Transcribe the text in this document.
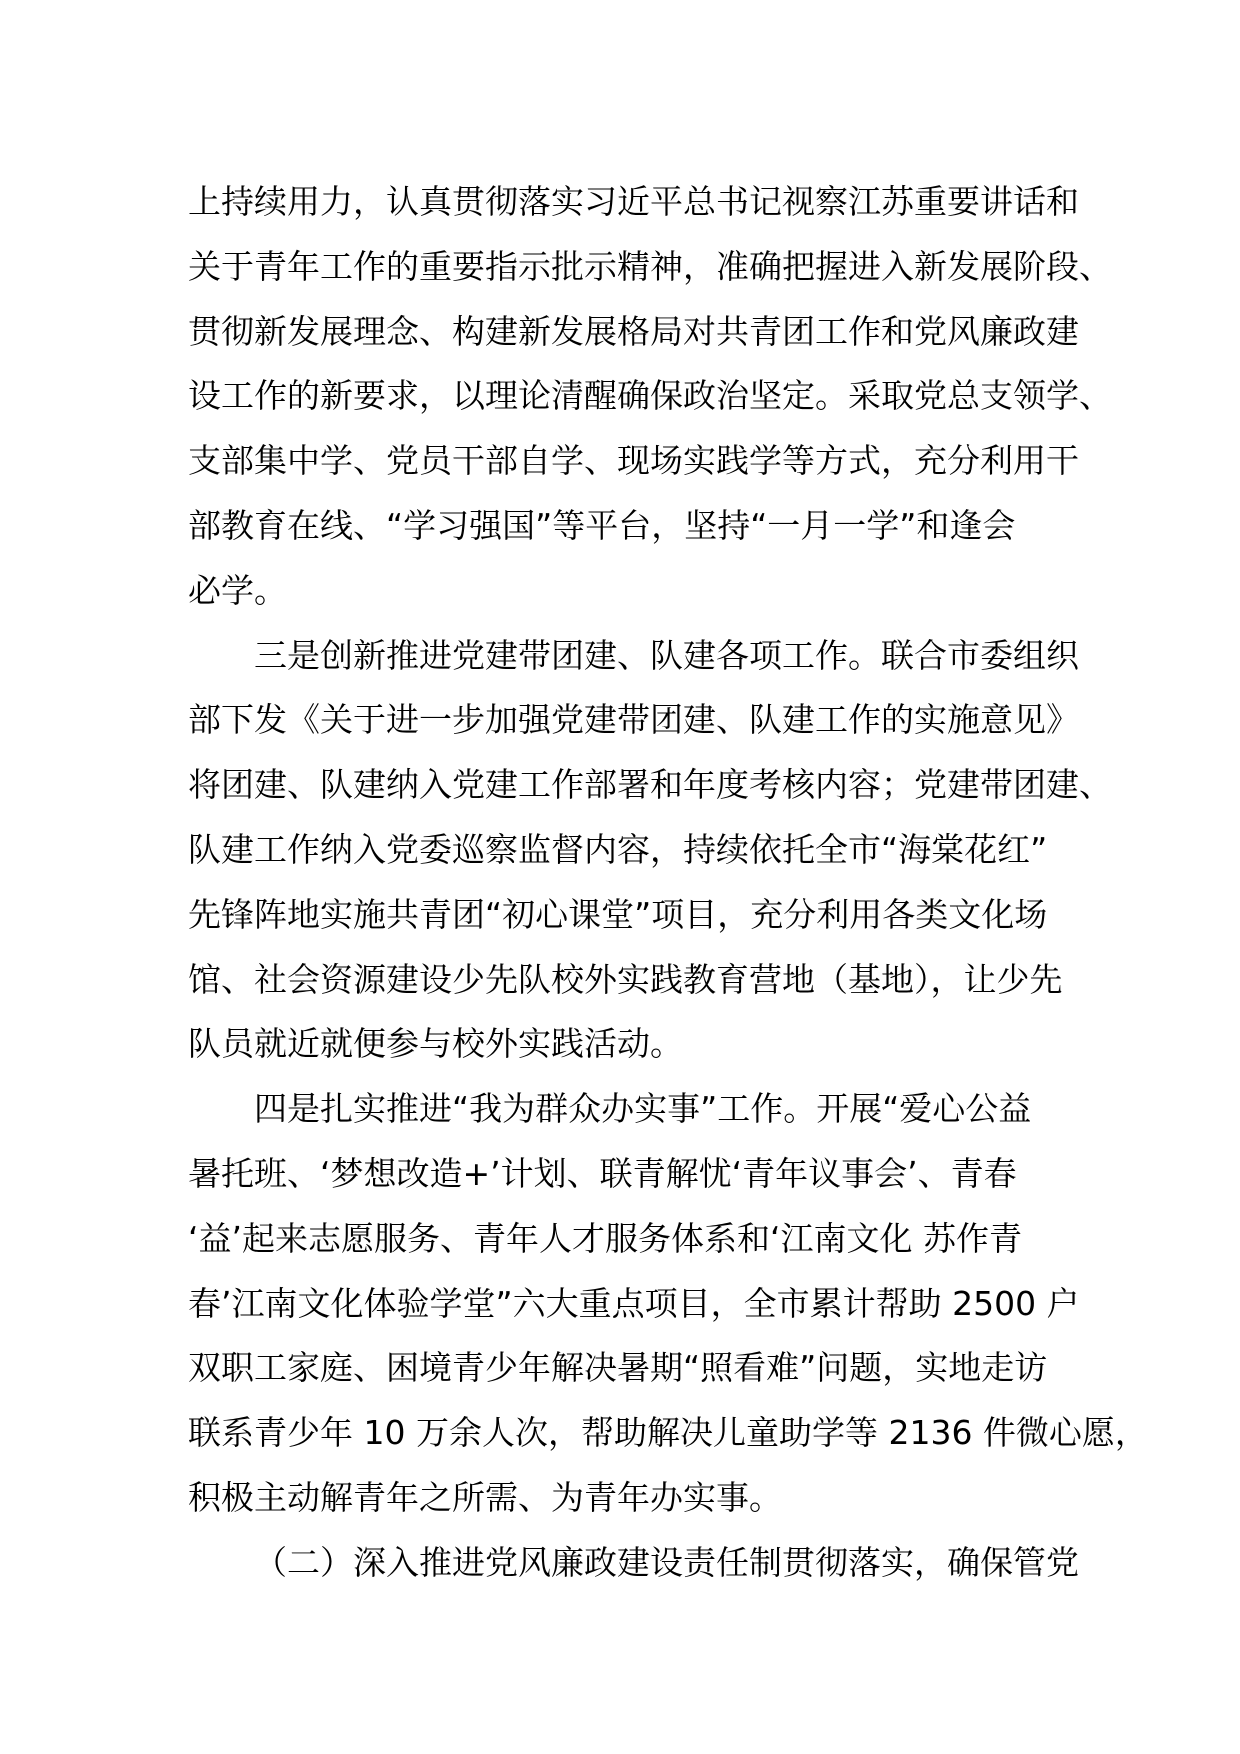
上持续用力，认真贯彻落实习近平总书记视察江苏重要讲话和
关于青年工作的重要指示批示精神，准确把握进入新发展阶段、
贯彻新发展理念、构建新发展格局对共青团工作和党风廉政建
设工作的新要求，以理论清醒确保政治坚定。采取党总支领学、
支部集中学、党员干部自学、现场实践学等方式，充分利用干
部教育在线、“学习强国”等平台，坚持“一月一学”和逢会
必学。
三是创新推进党建带团建、队建各项工作。联合市委组织
部下发《关于进一步加强党建带团建、队建工作的实施意见》
将团建、队建纳入党建工作部署和年度考核内容；党建带团建、
队建工作纳入党委巡察监督内容，持续依托全市“海棠花红”
先锋阵地实施共青团“初心课堂”项目，充分利用各类文化场
馆、社会资源建设少先队校外实践教育营地（基地），让少先
队员就近就便参与校外实践活动。
四是扎实推进“我为群众办实事”工作。开展“爱心公益
暑托班、‘梦想改造+’计划、联青解忧‘青年议事会’、青春
‘益’起来志愿服务、青年人才服务体系和‘江南文化 苏作青
春’江南文化体验学堂”六大重点项目，全市累计帮助 2500 户
双职工家庭、困境青少年解决暑期“照看难”问题，实地走访
联系青少年 10 万余人次，帮助解决儿童助学等 2136 件微心愿，
积极主动解青年之所需、为青年办实事。
（二）深入推进党风廉政建设责任制贯彻落实，确保管党
